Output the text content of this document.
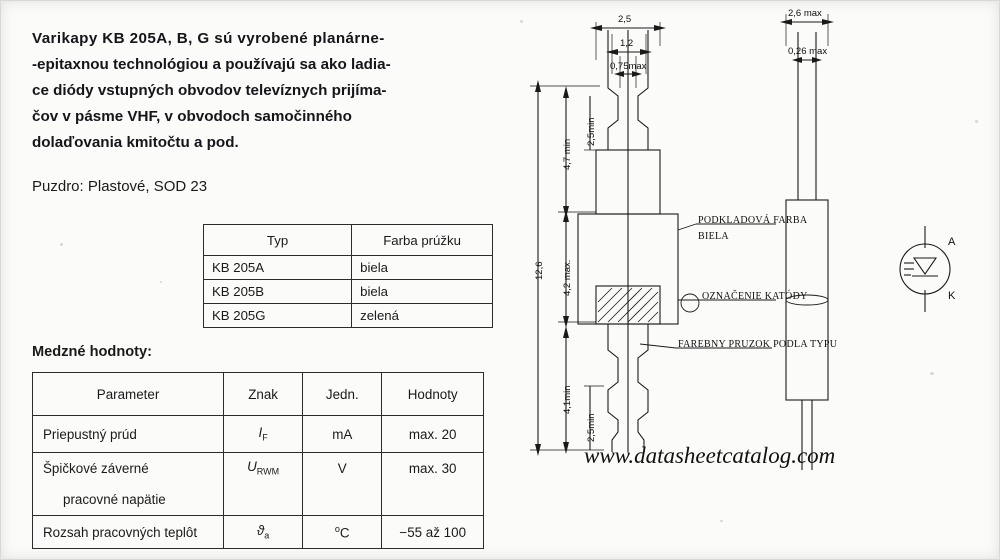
Varikapy KB 205A, B, G sú vyrobené planárne-
-epitaxnou technológiou a používajú sa ako ladia-
ce diódy vstupných obvodov televíznych prijíma-
čov v pásme VHF, v obvodoch samočinného
dolaďovania kmitočtu a pod.
Puzdro: Plastové, SOD 23
Typ	Farba prúžku
KB 205A	biela
KB 205B	biela
KB 205G	zelená
Medzné hodnoty:
Parameter	Znak	Jedn.	Hodnoty
Priepustný prúd	$I_F$	mA	max. 20
Špičkové záverné	$U_{RWM}$	V	max. 30
pracovné napätie			
Rozsah pracovných teplôt	$ϑ_a$	$^o$C	−55 až 100
2,5
1,2
0,75max
2,6 max
0,26 max
12,6
4,7 min
2,5min
4,2 max.
4,1min
2,5min
PODKLADOVÁ FARBA
BIELA
OZNAČENIE KATÓDY
FAREBNY PRUZOK PODLA TYPU
A
K
www.datasheetcatalog.com
